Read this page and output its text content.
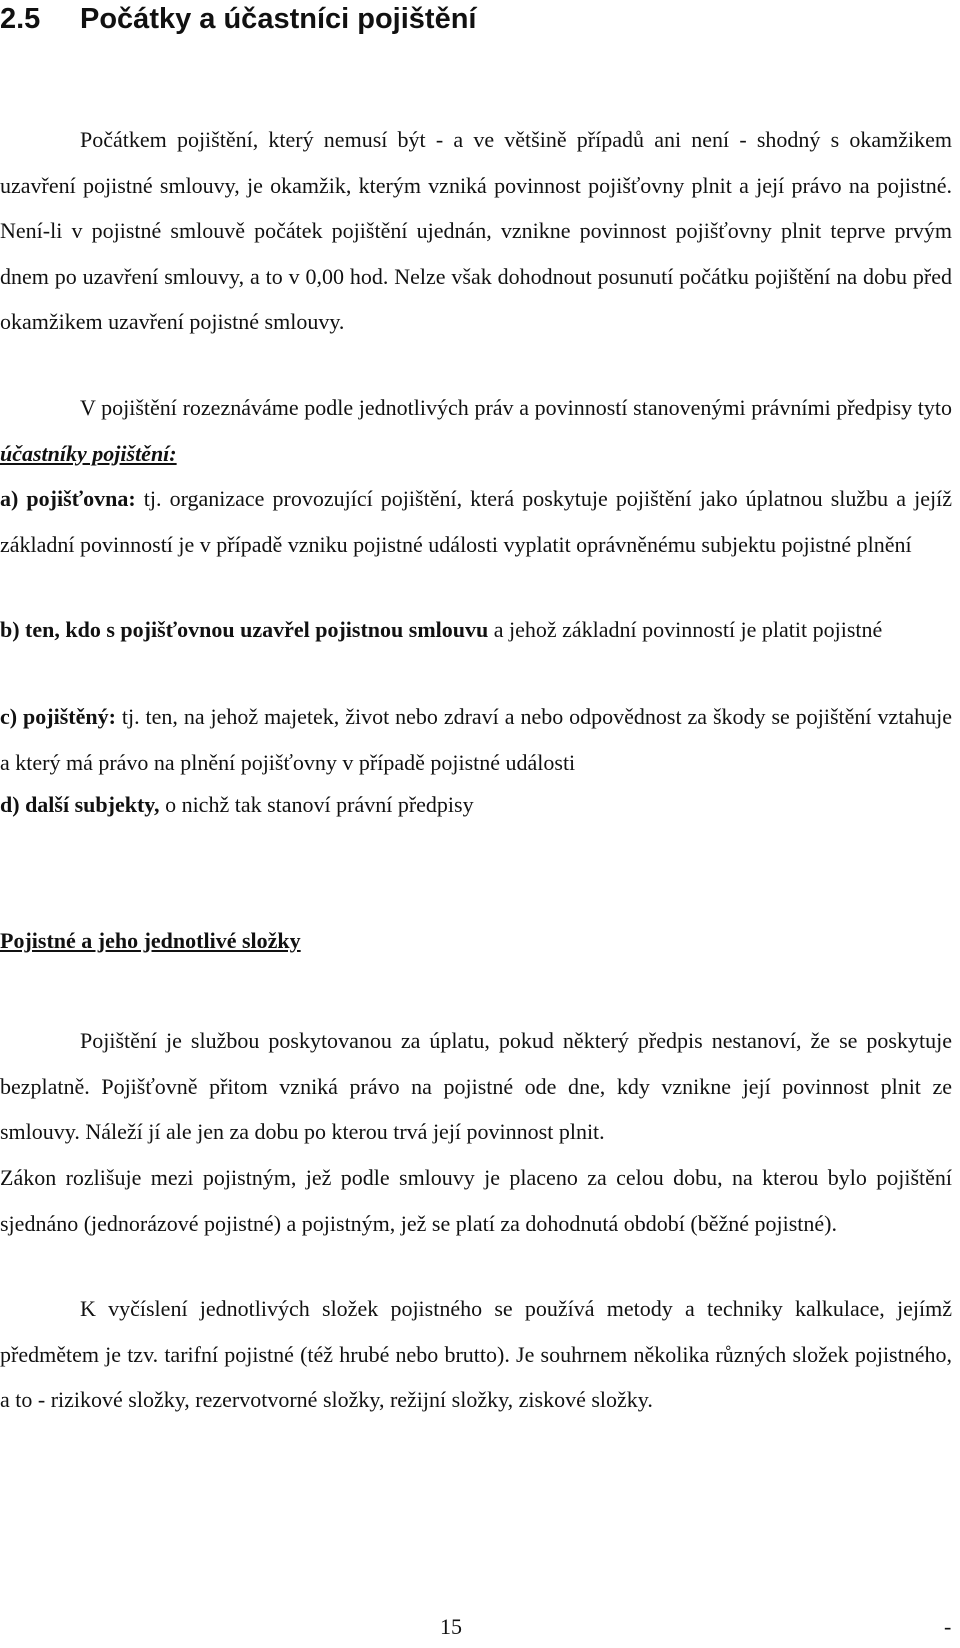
2.5 Počátky a účastníci pojištění

Počátkem pojištění, který nemusí být - a ve většině případů ani není - shodný s okamžikem uzavření pojistné smlouvy, je okamžik, kterým vzniká povinnost pojišťovny plnit a její právo na pojistné. Není-li v pojistné smlouvě počátek pojištění ujednán, vznikne povinnost pojišťovny plnit teprve prvým dnem po uzavření smlouvy, a to v 0,00 hod. Nelze však dohodnout posunutí počátku pojištění na dobu před okamžikem uzavření pojistné smlouvy.

V pojištění rozeznáváme podle jednotlivých práv a povinností stanovenými právními předpisy tyto účastníky pojištění:

a) pojišťovna: tj. organizace provozující pojištění, která poskytuje pojištění jako úplatnou službu a jejíž základní povinností je v případě vzniku pojistné události vyplatit oprávněnému subjektu pojistné plnění

b) ten, kdo s pojišťovnou uzavřel pojistnou smlouvu a jehož základní povinností je platit pojistné

c) pojištěný: tj. ten, na jehož majetek, život nebo zdraví a nebo odpovědnost za škody se pojištění vztahuje a který má právo na plnění pojišťovny v případě pojistné události

d) další subjekty, o nichž tak stanoví právní předpisy

Pojistné a jeho jednotlivé složky

Pojištění je službou poskytovanou za úplatu, pokud některý předpis nestanoví, že se poskytuje bezplatně. Pojišťovně přitom vzniká právo na pojistné ode dne, kdy vznikne její povinnost plnit ze smlouvy. Náleží jí ale jen za dobu po kterou trvá její povinnost plnit.

Zákon rozlišuje mezi pojistným, jež podle smlouvy je placeno za celou dobu, na kterou bylo pojištění sjednáno (jednorázové pojistné) a pojistným, jež se platí za dohodnutá období (běžné pojistné).

K vyčíslení jednotlivých složek pojistného se používá metody a techniky kalkulace, jejímž předmětem je tzv. tarifní pojistné (též hrubé nebo brutto). Je souhrnem několika různých složek pojistného, a to - rizikové složky, rezervotvorné složky, režijní složky, ziskové složky.

15	-
